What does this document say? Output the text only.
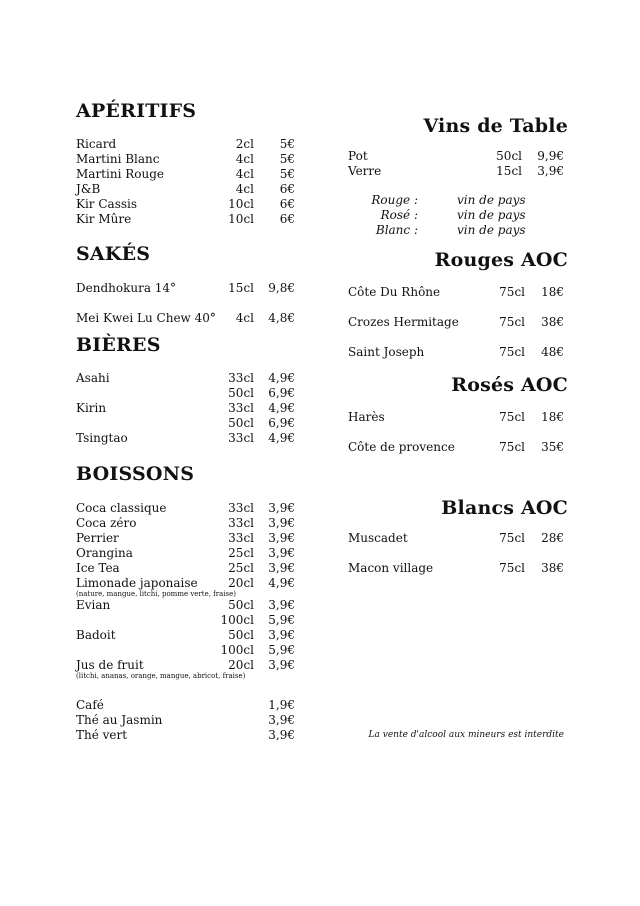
APÉRITIFS
Ricard	2cl 5€
Martini Blanc	4cl 5€
Martini Rouge	4cl 5€
J&B	4cl 6€
Kir Cassis	10cl 6€
Kir Mûre	10cl 6€
SAKÉS
Dendhokura 14°	15cl 9,8€
Mei Kwei Lu Chew 40° 4cl 4,8€
BIÈRES
Asahi	33cl 4,9€
50cl 6,9€
Kirin	33cl 4,9€
50cl 6,9€
Tsingtao	33cl 4,9€
BOISSONS
Coca classique	33cl 3,9€
Coca zéro	33cl 3,9€
Perrier	33cl 3,9€
Orangina	25cl 3,9€
Ice Tea	25cl 3,9€
Limonade japonaise	20cl 4,9€
(nature, mangue, litchi, pomme verte, fraise)
Evian	50cl 3,9€
100cl 5,9€
Badoit	50cl 3,9€
100cl 5,9€
Jus de fruit	20cl 3,9€
(litchi, ananas, orange, mangue, abricot, fraise)
Café	1,9€
Thé au Jasmin	3,9€
Thé vert	3,9€
Vins de Table
Pot	50cl 9,9€
Verre	15cl 3,9€
Rouge :	vin de pays
Rosé :	vin de pays
Blanc :	vin de pays
Rouges AOC
Côte Du Rhône	75cl 18€
Crozes Hermitage	75cl 38€
Saint Joseph	75cl 48€
Rosés AOC
Harès	75cl 18€
Côte de provence	75cl 35€
Blancs AOC
Muscadet	75cl 28€
Macon village	75cl 38€
La vente d'alcool aux mineurs est interdite
